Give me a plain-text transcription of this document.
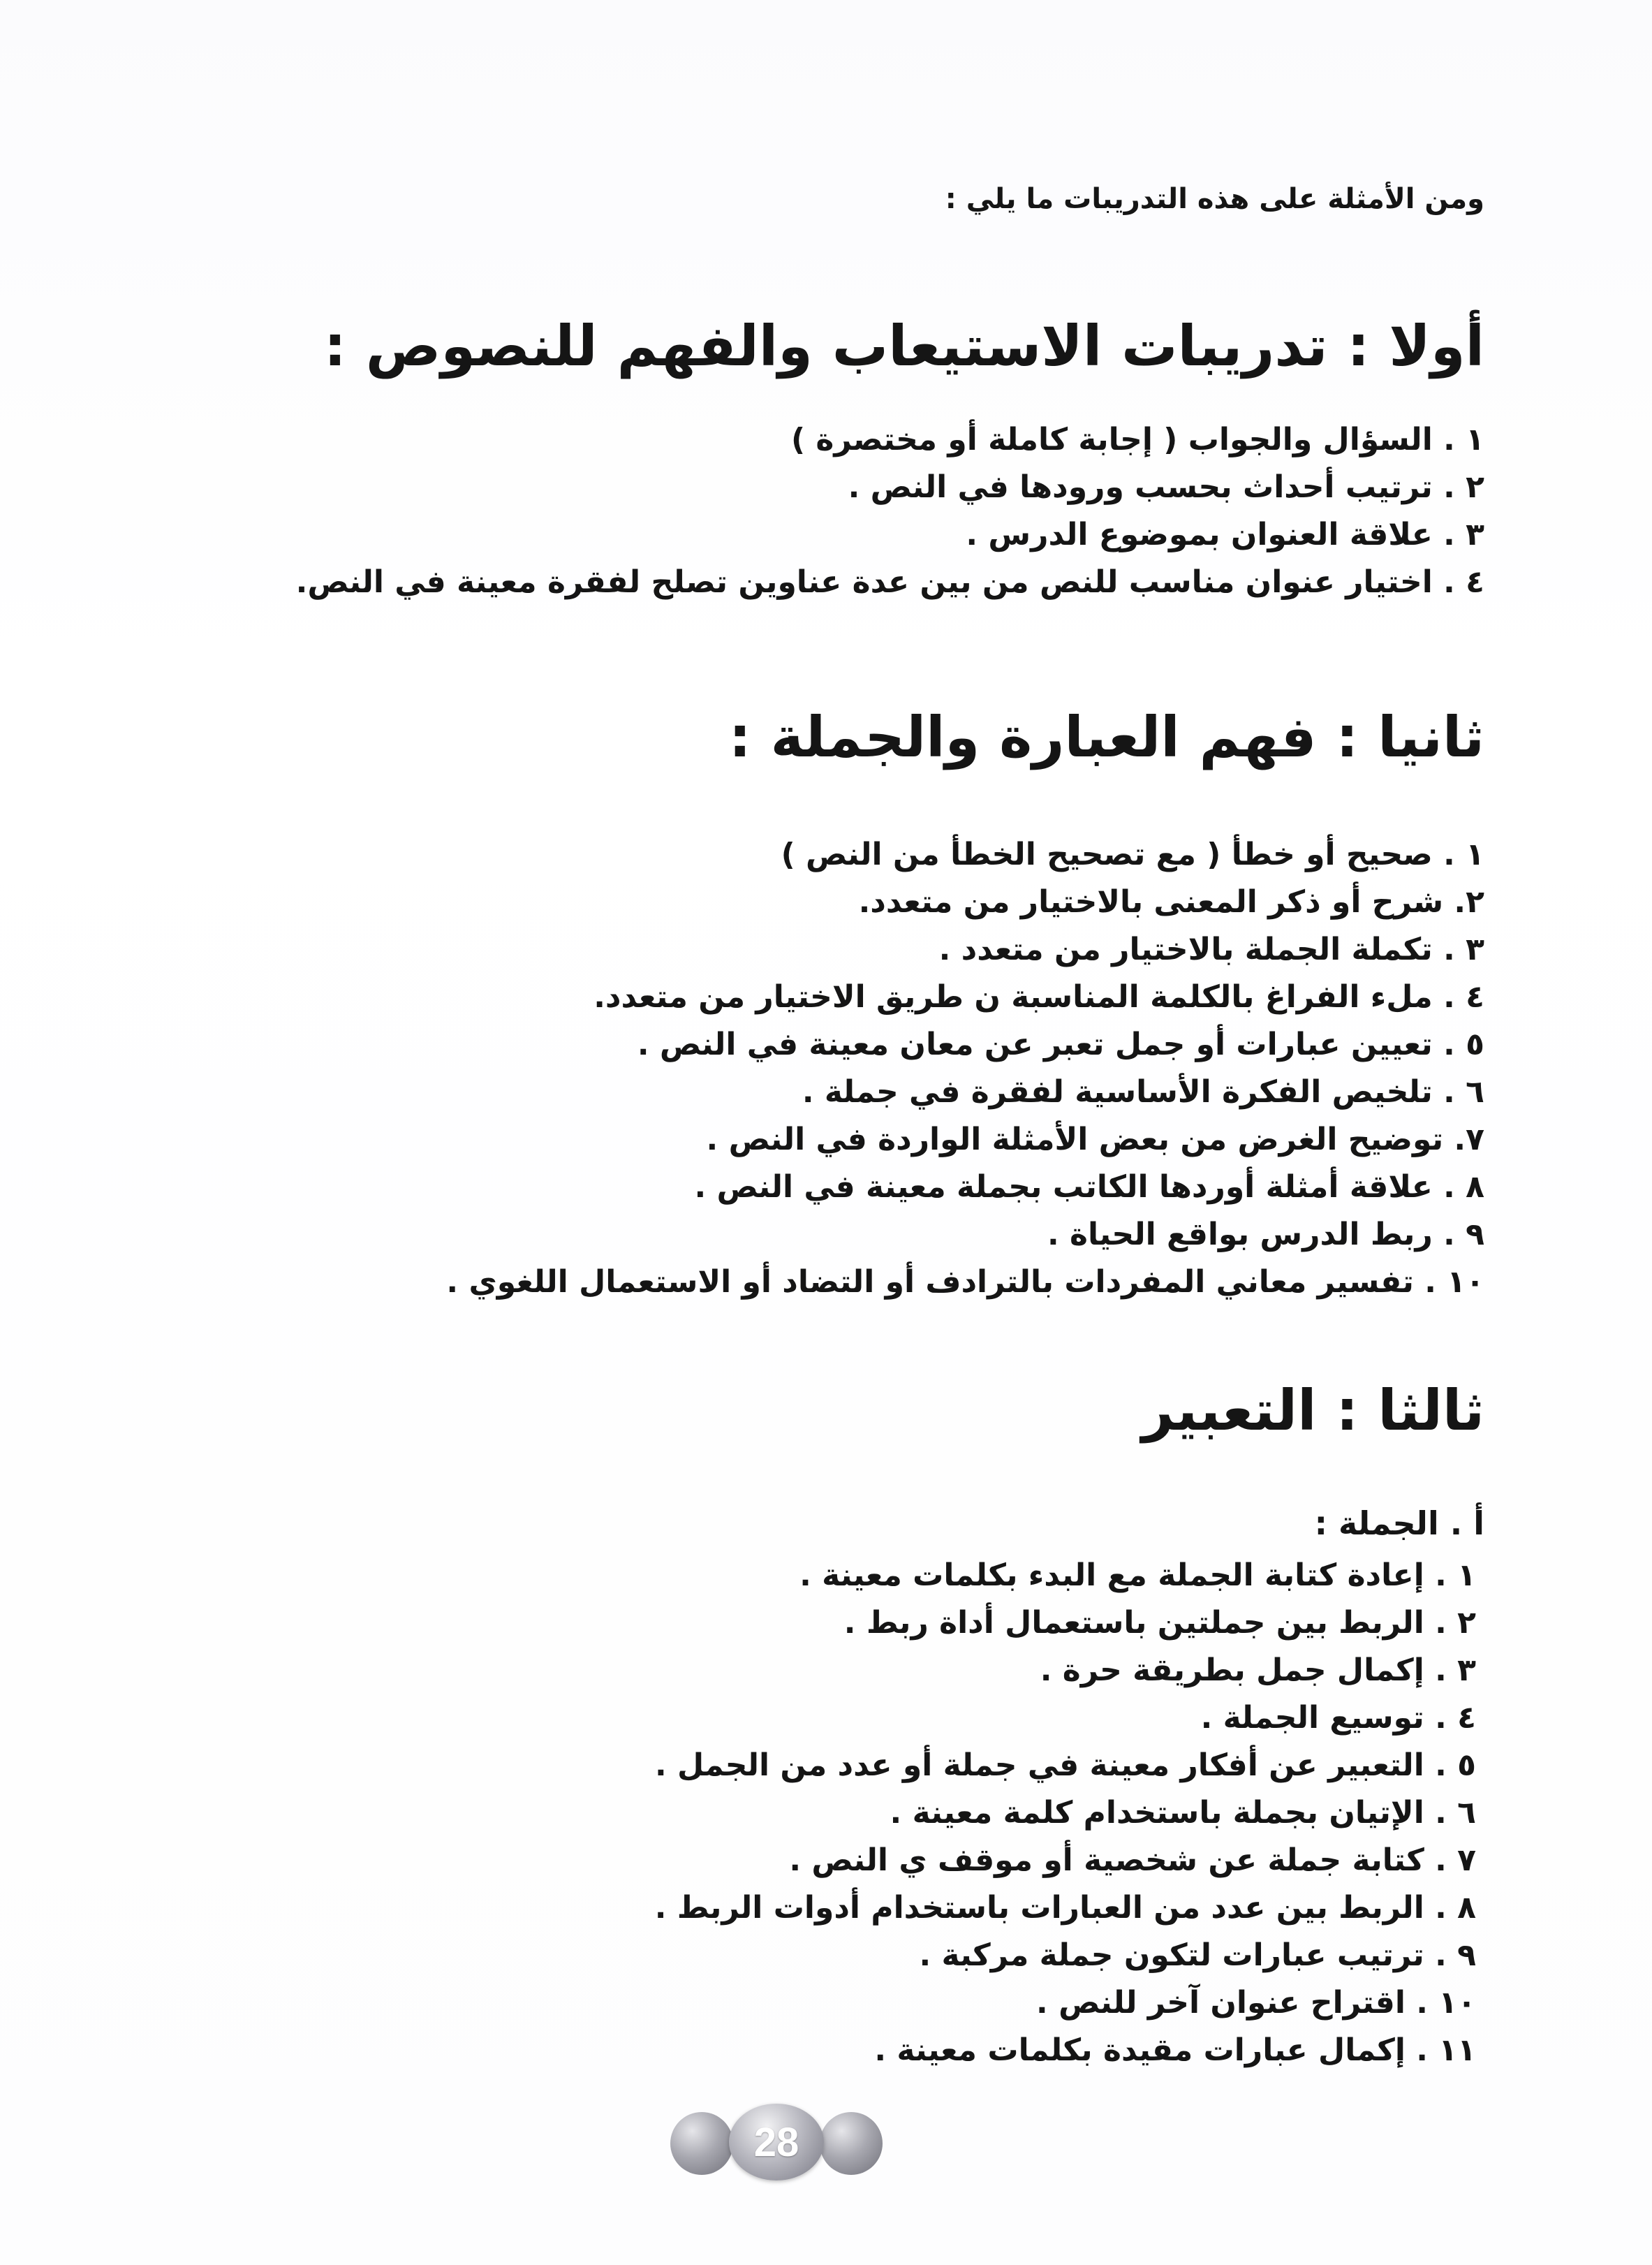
ومن الأمثلة على هذه التدريبات ما يلي :
أولا : تدريبات الاستيعاب والفهم للنصوص :
١ . السؤال والجواب ( إجابة كاملة أو مختصرة )
٢ . ترتيب أحداث بحسب ورودها في النص .
٣ . علاقة العنوان بموضوع الدرس .
٤ . اختيار عنوان مناسب للنص من بين عدة عناوين تصلح لفقرة معينة في النص.
ثانيا : فهم العبارة والجملة :
١ . صحيح أو خطأ ( مع تصحيح الخطأ من النص )
٢. شرح أو ذكر المعنى بالاختيار من متعدد.
٣ . تكملة الجملة بالاختيار من متعدد .
٤ . ملء الفراغ بالكلمة المناسبة ن طريق الاختيار من متعدد.
٥ . تعيين عبارات أو جمل تعبر عن معان معينة في النص .
٦ . تلخيص الفكرة الأساسية لفقرة في جملة .
٧. توضيح الغرض من بعض الأمثلة الواردة في النص .
٨ . علاقة أمثلة أوردها الكاتب بجملة معينة في النص .
٩ . ربط الدرس بواقع الحياة .
١٠ . تفسير معاني المفردات بالترادف أو التضاد أو الاستعمال اللغوي .
ثالثا : التعبير
أ . الجملة :
١ . إعادة كتابة الجملة مع البدء بكلمات معينة .
٢ . الربط بين جملتين باستعمال أداة ربط .
٣ . إكمال جمل بطريقة حرة .
٤ . توسيع الجملة .
٥ . التعبير عن أفكار معينة في جملة أو عدد من الجمل .
٦ . الإتيان بجملة باستخدام كلمة معينة .
٧ . كتابة جملة عن شخصية أو موقف ي النص .
٨ . الربط بين عدد من العبارات باستخدام أدوات الربط .
٩ . ترتيب عبارات لتكون جملة مركبة .
١٠ . اقتراح عنوان آخر للنص .
١١ . إكمال عبارات مقيدة بكلمات معينة .
28
